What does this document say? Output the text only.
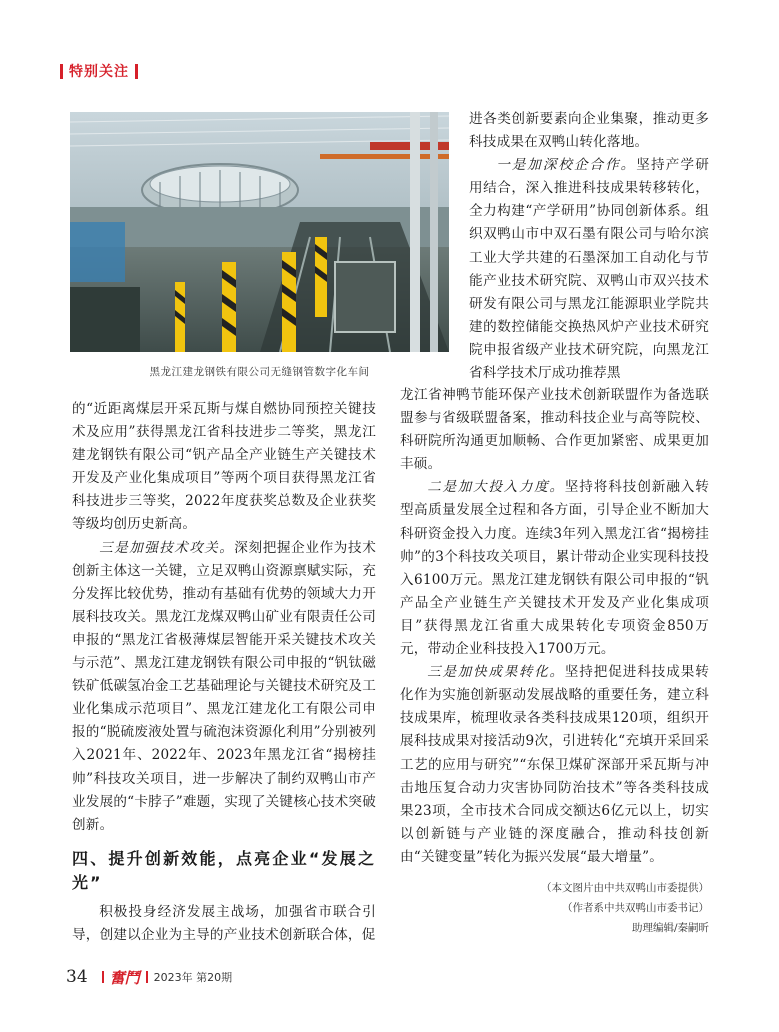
特别关注
黑龙江建龙钢铁有限公司无缝钢管数字化车间

进各类创新要素向企业集聚，推动更多科技成果在双鸭山转化落地。

一是加深校企合作。坚持产学研用结合，深入推进科技成果转移转化，全力构建“产学研用”协同创新体系。组织双鸭山市中双石墨有限公司与哈尔滨工业大学共建的石墨深加工自动化与节能产业技术研究院、双鸭山市双兴技术研发有限公司与黑龙江能源职业学院共建的数控储能交换热风炉产业技术研究院申报省级产业技术研究院，向黑龙江省科学技术厅成功推荐黑

的“近距离煤层开采瓦斯与煤自燃协同预控关键技术及应用”获得黑龙江省科技进步二等奖，黑龙江建龙钢铁有限公司“钒产品全产业链生产关键技术开发及产业化集成项目”等两个项目获得黑龙江省科技进步三等奖，2022年度获奖总数及企业获奖等级均创历史新高。

三是加强技术攻关。深刻把握企业作为技术创新主体这一关键，立足双鸭山资源禀赋实际，充分发挥比较优势，推动有基础有优势的领域大力开展科技攻关。黑龙江龙煤双鸭山矿业有限责任公司申报的“黑龙江省极薄煤层智能开采关键技术攻关与示范”、黑龙江建龙钢铁有限公司申报的“钒钛磁铁矿低碳氢冶金工艺基础理论与关键技术研究及工业化集成示范项目”、黑龙江建龙化工有限公司申报的“脱硫废液处置与硫泡沫资源化利用”分别被列入2021年、2022年、2023年黑龙江省“揭榜挂帅”科技攻关项目，进一步解决了制约双鸭山市产业发展的“卡脖子”难题，实现了关键核心技术突破创新。

四、提升创新效能，点亮企业“发展之光”

积极投身经济发展主战场，加强省市联合引导，创建以企业为主导的产业技术创新联合体，促

龙江省神鸭节能环保产业技术创新联盟作为备选联盟参与省级联盟备案，推动科技企业与高等院校、科研院所沟通更加顺畅、合作更加紧密、成果更加丰硕。

二是加大投入力度。坚持将科技创新融入转型高质量发展全过程和各方面，引导企业不断加大科研资金投入力度。连续3年列入黑龙江省“揭榜挂帅”的3个科技攻关项目，累计带动企业实现科技投入6100万元。黑龙江建龙钢铁有限公司申报的“钒产品全产业链生产关键技术开发及产业化集成项目”获得黑龙江省重大成果转化专项资金850万元，带动企业科技投入1700万元。

三是加快成果转化。坚持把促进科技成果转化作为实施创新驱动发展战略的重要任务，建立科技成果库，梳理收录各类科技成果120项，组织开展科技成果对接活动9次，引进转化“充填开采回采工艺的应用与研究”“东保卫煤矿深部开采瓦斯与冲击地压复合动力灾害协同防治技术”等各类科技成果23项，全市技术合同成交额达6亿元以上，切实以创新链与产业链的深度融合，推动科技创新由“关键变量”转化为振兴发展“最大增量”。

（本文图片由中共双鸭山市委提供）
（作者系中共双鸭山市委书记）
助理编辑/秦嗣昕
34 奮鬥 2023年 第20期
